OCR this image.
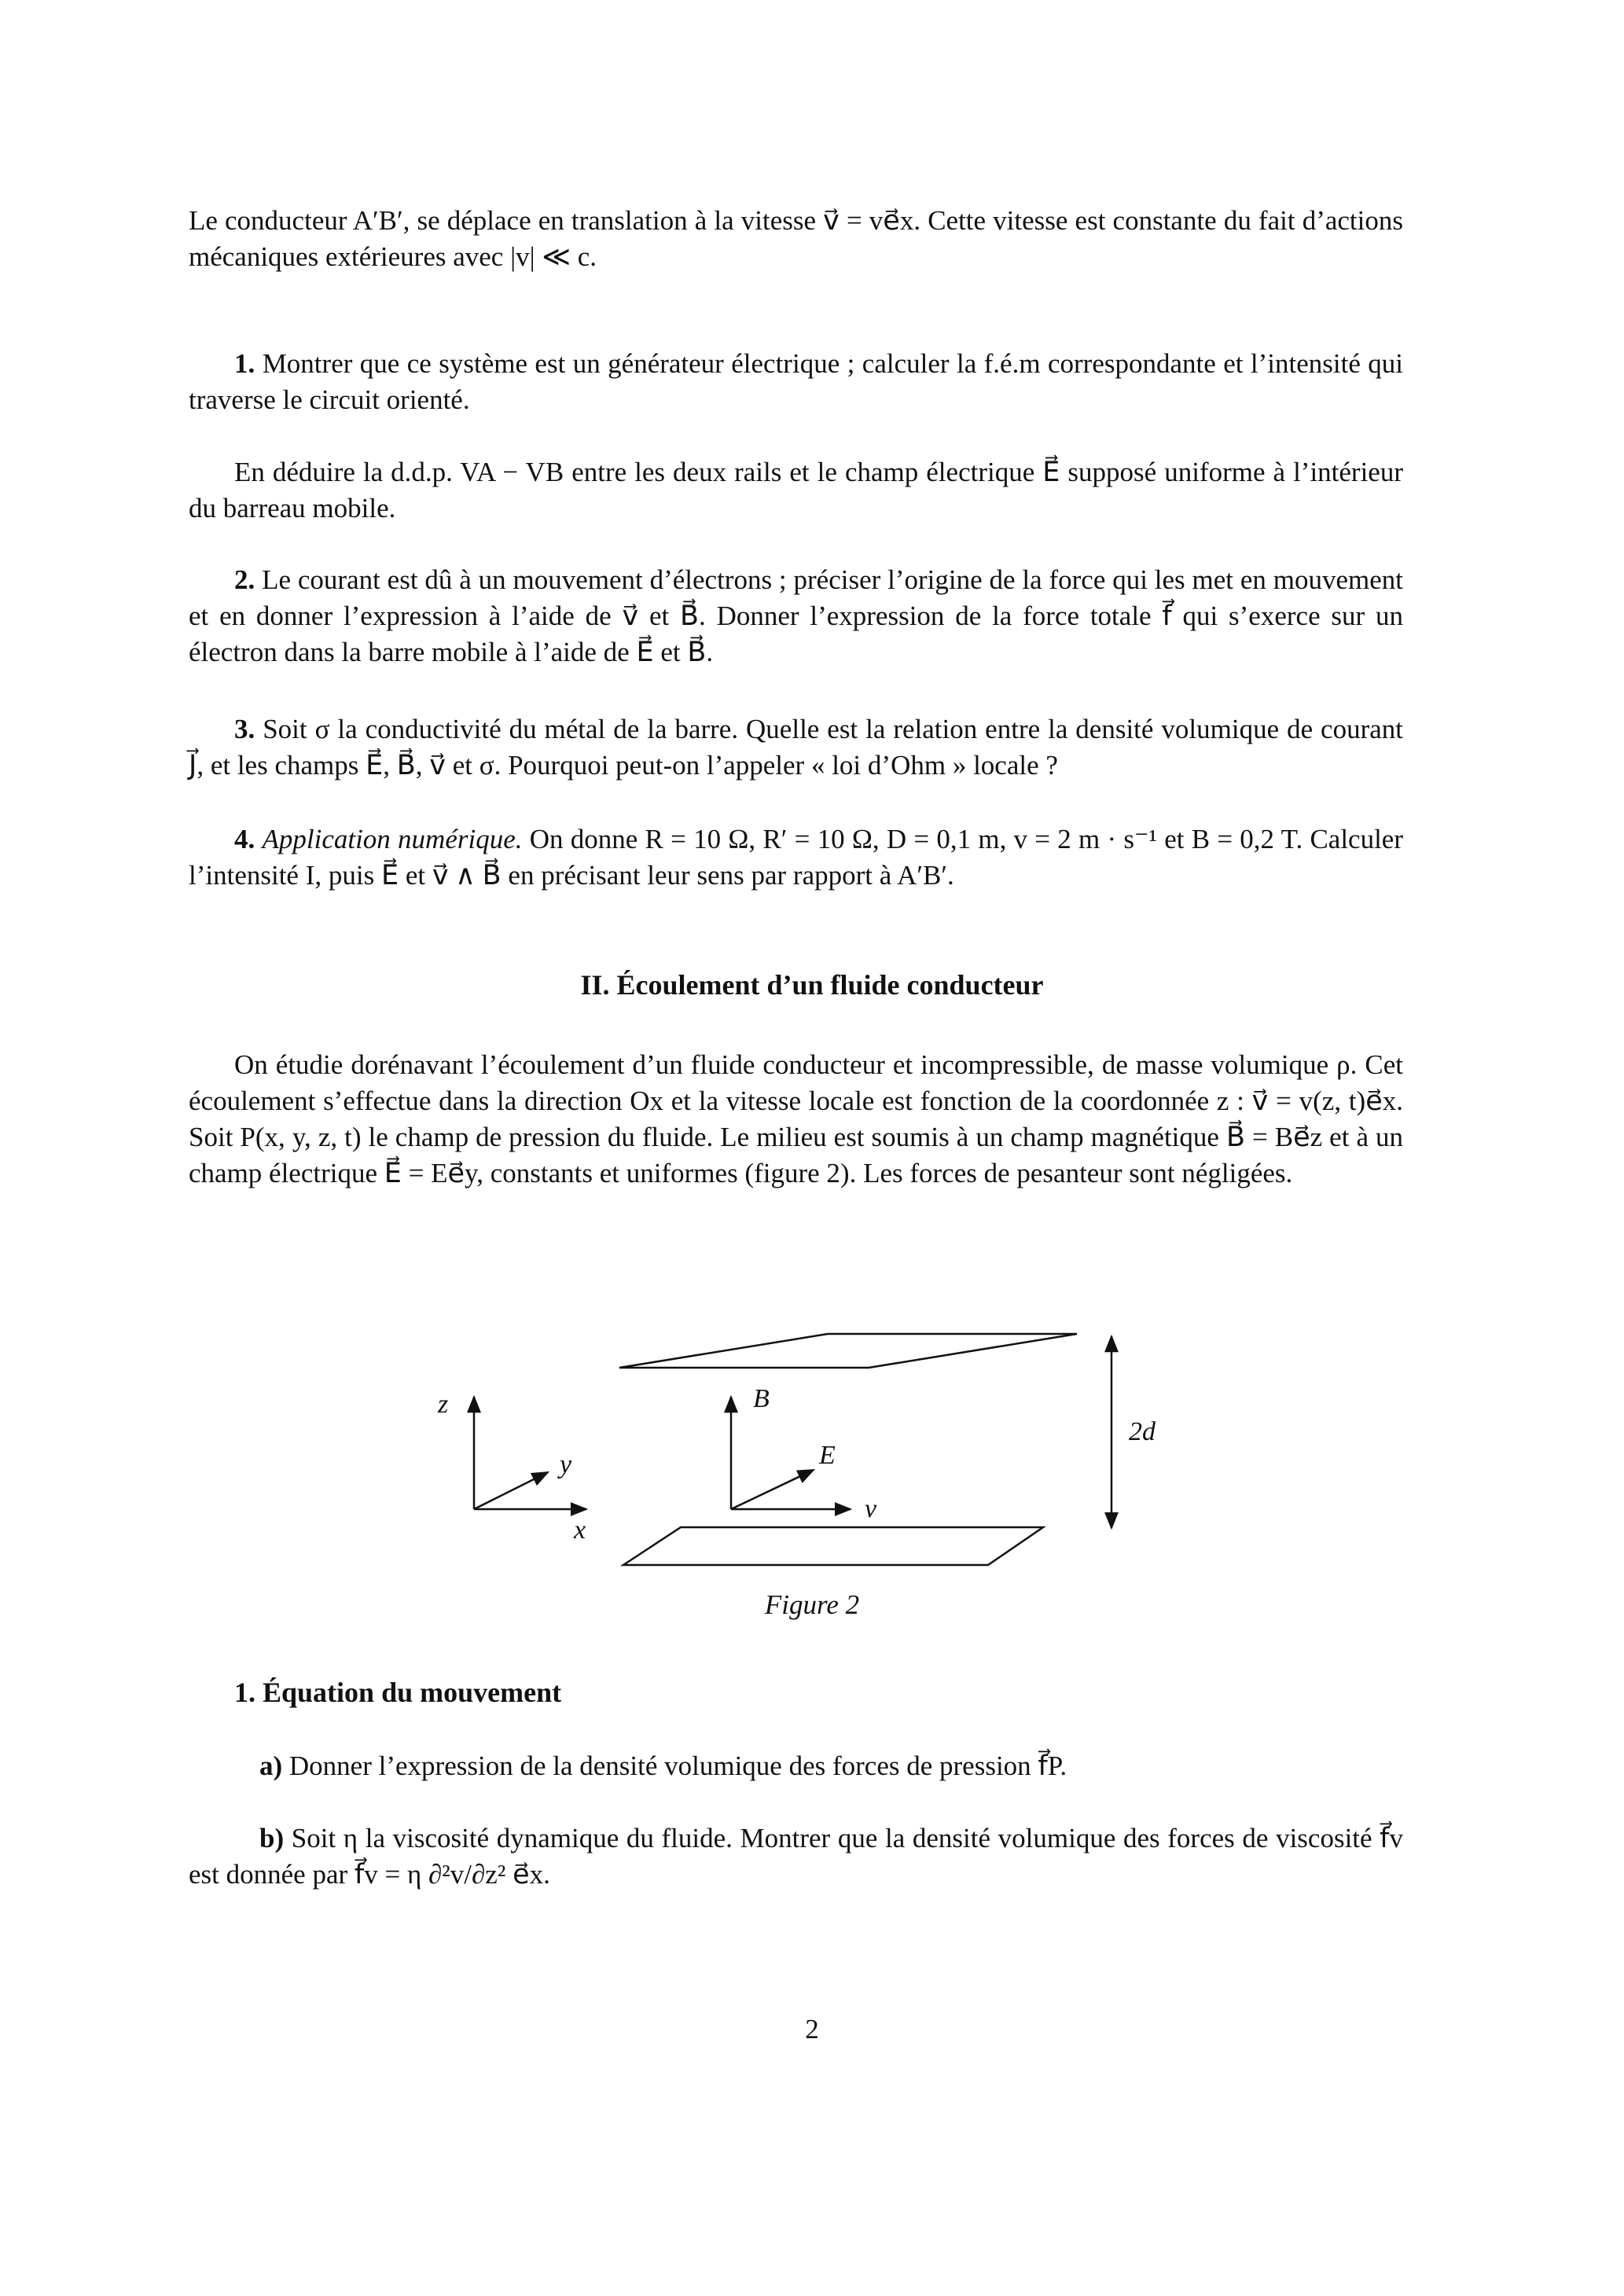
Le conducteur A′B′, se déplace en translation à la vitesse v⃗ = ve⃗x. Cette vitesse est constante du fait d’actions mécaniques extérieures avec |v| ≪ c.

1. Montrer que ce système est un générateur électrique ; calculer la f.é.m correspondante et l’intensité qui traverse le circuit orienté.

En déduire la d.d.p. VA − VB entre les deux rails et le champ électrique E⃗ supposé uniforme à l’intérieur du barreau mobile.

2. Le courant est dû à un mouvement d’électrons ; préciser l’origine de la force qui les met en mouvement et en donner l’expression à l’aide de v⃗ et B⃗. Donner l’expression de la force totale f⃗ qui s’exerce sur un électron dans la barre mobile à l’aide de E⃗ et B⃗.

3. Soit σ la conductivité du métal de la barre. Quelle est la relation entre la densité volumique de courant J⃗, et les champs E⃗, B⃗, v⃗ et σ. Pourquoi peut-on l’appeler « loi d’Ohm » locale ?

4. Application numérique. On donne R = 10 Ω, R′ = 10 Ω, D = 0,1 m, v = 2 m · s⁻¹ et B = 0,2 T. Calculer l’intensité I, puis E⃗ et v⃗ ∧ B⃗ en précisant leur sens par rapport à A′B′.

II. Écoulement d’un fluide conducteur

On étudie dorénavant l’écoulement d’un fluide conducteur et incompressible, de masse volumique ρ. Cet écoulement s’effectue dans la direction Ox et la vitesse locale est fonction de la coordonnée z : v⃗ = v(z, t)e⃗x. Soit P(x, y, z, t) le champ de pression du fluide. Le milieu est soumis à un champ magnétique B⃗ = Be⃗z et à un champ électrique E⃗ = Ee⃗y, constants et uniformes (figure 2). Les forces de pesanteur sont négligées.

z
y
x
B
E
v
2d
Figure 2
1. Équation du mouvement

a) Donner l’expression de la densité volumique des forces de pression f⃗P.

b) Soit η la viscosité dynamique du fluide. Montrer que la densité volumique des forces de viscosité f⃗v est donnée par f⃗v = η ∂²v/∂z² e⃗x.

2
